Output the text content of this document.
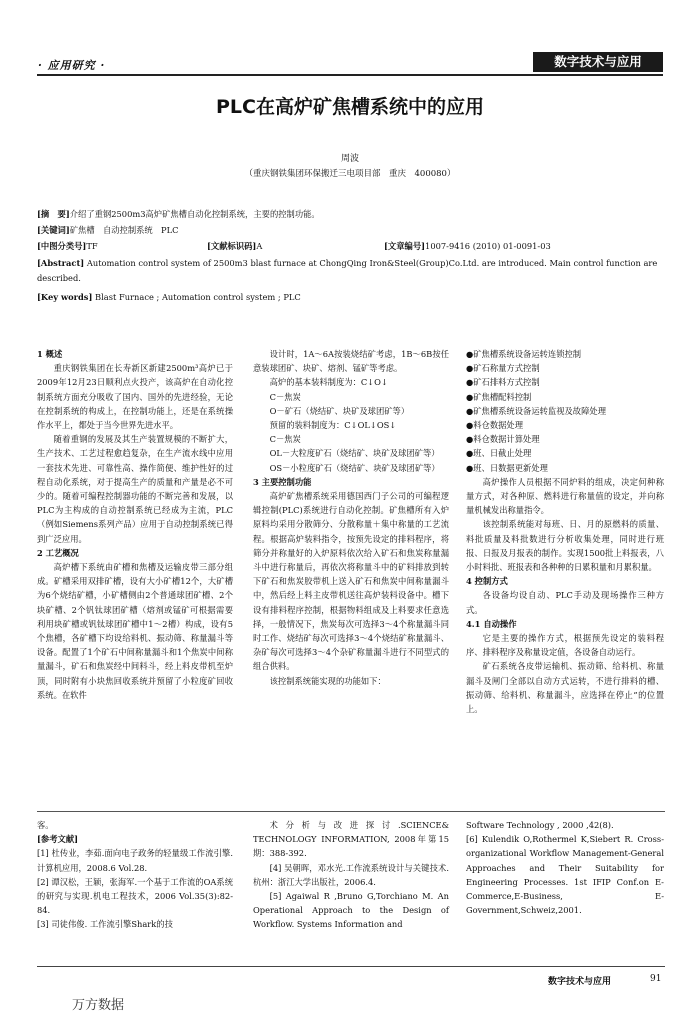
· 应用研究 ·	数字技术与应用
PLC在高炉矿焦槽系统中的应用
周波
（重庆钢铁集团环保搬迁三电项目部　重庆　400080）
[摘　要]介绍了重钢2500m3高炉矿焦槽自动化控制系统，主要的控制功能。
[关键词]矿焦槽　自动控制系统　PLC
[中图分类号]TF	[文献标识码]A	[文章编号]1007-9416 (2010) 01-0091-03
[Abstract] Automation control system of 2500m3 blast furnace at ChongQing Iron&Steel(Group)Co.Ltd. are introduced. Main control function are described.
[Key words] Blast Furnace ; Automation control system ; PLC

1 概述

重庆钢铁集团在长寿新区新建2500m³高炉已于2009年12月23日顺利点火投产，该高炉在自动化控制系统方面充分吸收了国内、国外的先进经验，无论在控制系统的构成上，在控制功能上，还是在系统操作水平上，都处于当今世界先进水平。

随着重钢的发展及其生产装置规模的不断扩大，生产技术、工艺过程愈趋复杂，在生产流水线中应用一套技术先进、可靠性高、操作简便、维护性好的过程自动化系统，对于提高生产的质量和产量是必不可少的。随着可编程控制器功能的不断完善和发展，以PLC为主构成的自动控制系统已经成为主流，PLC（例如Siemens系列产品）应用于自动控制系统已得到广泛应用。

2 工艺概况

高炉槽下系统由矿槽和焦槽及运输皮带三部分组成。矿槽采用双排矿槽，设有大小矿槽12个，大矿槽为6个烧结矿槽，小矿槽侧由2个普通球团矿槽、2个块矿槽、2个钒钛球团矿槽（熔剂或锰矿可根据需要利用块矿槽或钒钛球团矿槽中1～2槽）构成，设有5个焦槽，各矿槽下均设给料机、振动筛、称量漏斗等设备。配置了1个矿石中间称量漏斗和1个焦炭中间称量漏斗，矿石和焦炭经中间料斗，经上料皮带机至炉顶，同时附有小块焦回收系统并预留了小粒度矿回收系统。在软件

设计时，1A～6A按装烧结矿考虑，1B～6B按任意装球团矿、块矿、熔剂、锰矿等考虑。

高炉的基本装料制度为：C↓O↓

C－焦炭

O－矿石（烧结矿、块矿及球团矿等）

预留的装料制度为：C↓OL↓OS↓

C－焦炭

OL－大粒度矿石（烧结矿、块矿及球团矿等）

OS－小粒度矿石（烧结矿、块矿及球团矿等）

3 主要控制功能

高炉矿焦槽系统采用德国西门子公司的可编程逻辑控制(PLC)系统进行自动化控制。矿焦槽所有入炉原料均采用分散筛分、分散称量＋集中称量的工艺流程。根据高炉装料指令，按预先设定的排料程序，将筛分并称量好的入炉原料依次给入矿石和焦炭称量漏斗中进行称量后，再依次将称量斗中的矿料排放到转下矿石和焦炭胶带机上送入矿石和焦炭中间称量漏斗中，然后经上料主皮带机送往高炉装料设备中。槽下设有排料程序控制，根据物料组成及上料要求任意选择，一般情况下，焦炭每次可选择3～4个称量漏斗同时工作、烧结矿每次可选择3～4个烧结矿称量漏斗、杂矿每次可选择3～4个杂矿称量漏斗进行不同型式的组合供料。

该控制系统能实现的功能如下：

●矿焦槽系统设备运转连锁控制

●矿石称量方式控制

●矿石排料方式控制

●矿焦槽配料控制

●矿焦槽系统设备运转监视及故障处理

●料仓数据处理

●料仓数据计算处理

●班、日截止处理

●班、日数据更新处理

高炉操作人员根据不同炉料的组成，决定何种称量方式，对各种原、燃料进行称量值的设定，并向称量机械发出称量指令。

该控制系统能对每班、日、月的原燃料的质量、料批质量及料批数进行分析收集处理，同时进行班报、日报及月报表的制作。实现1500批上料报表，八小时料批、班报表和各种种的日累积量和月累积量。

4 控制方式

各设备均设自动、PLC手动及现场操作三种方式。

4.1 自动操作

它是主要的操作方式，根据预先设定的装料程序、排料程序及称量设定值，各设备自动运行。

矿石系统各皮带运输机、振动筛、给料机、称量漏斗及闸门全部以自动方式运转，不进行排料的槽、振动筛、给料机、称量漏斗，应选择在停止”的位置上。

客。

[参考文献]

[1] 杜传业，李茹.面向电子政务的轻量级工作流引擎.计算机应用，2008.6 Vol.28.

[2] 谭汉松，王颖，张海军.一个基于工作流的OA系统的研究与实现.机电工程技术，2006 Vol.35(3):82-84.

[3] 司徒伟俊. 工作流引擎Shark的技

术分析与改进探讨.SCIENCE& TECHNOLOGY INFORMATION, 2008年第15期：388-392.

[4] 吴朝晖，邓水光.工作流系统设计与关键技术.杭州：浙江大学出版社，2006.4.

[5] Agaiwal R ,Bruno G,Torchiano M. An Operational Approach to the Design of Workflow. Systems Information and

Software Technology , 2000 ,42(8).

[6] Kulendik O,Rothermel K,Siebert R. Cross-organizational Workflow Management-General Approaches and Their Suitability for Engineering Processes. 1st IFIP Conf.on E-Commerce,E-Business, E-Government,Schweiz,2001.

数字技术与应用	91
万方数据
